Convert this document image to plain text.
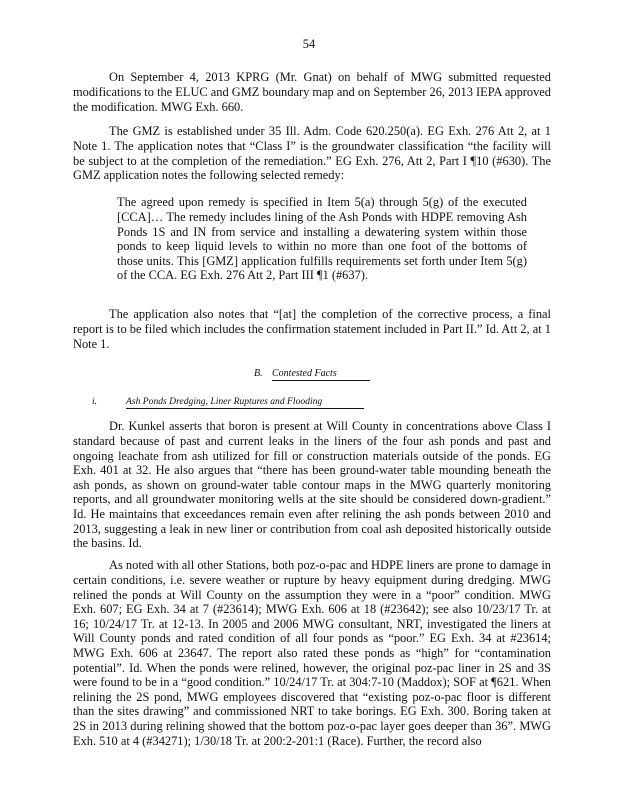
54

On September 4, 2013 KPRG (Mr. Gnat) on behalf of MWG submitted requested modifications to the ELUC and GMZ boundary map and on September 26, 2013 IEPA approved the modification. MWG Exh. 660.

The GMZ is established under 35 Ill. Adm. Code 620.250(a). EG Exh. 276 Att 2, at 1 Note 1. The application notes that “Class I” is the groundwater classification “the facility will be subject to at the completion of the remediation.” EG Exh. 276, Att 2, Part I ¶10 (#630). The GMZ application notes the following selected remedy:

The agreed upon remedy is specified in Item 5(a) through 5(g) of the executed [CCA]… The remedy includes lining of the Ash Ponds with HDPE removing Ash Ponds 1S and IN from service and installing a dewatering system within those ponds to keep liquid levels to within no more than one foot of the bottoms of those units. This [GMZ] application fulfills requirements set forth under Item 5(g) of the CCA. EG Exh. 276 Att 2, Part III ¶1 (#637).

The application also notes that “[at] the completion of the corrective process, a final report is to be filed which includes the confirmation statement included in Part II.” Id. Att 2, at 1 Note 1.

B. Contested Facts
i.	Ash Ponds Dredging, Liner Ruptures and Flooding

Dr. Kunkel asserts that boron is present at Will County in concentrations above Class I standard because of past and current leaks in the liners of the four ash ponds and past and ongoing leachate from ash utilized for fill or construction materials outside of the ponds. EG Exh. 401 at 32. He also argues that “there has been ground-water table mounding beneath the ash ponds, as shown on ground-water table contour maps in the MWG quarterly monitoring reports, and all groundwater monitoring wells at the site should be considered down-gradient.” Id. He maintains that exceedances remain even after relining the ash ponds between 2010 and 2013, suggesting a leak in new liner or contribution from coal ash deposited historically outside the basins. Id.

As noted with all other Stations, both poz-o-pac and HDPE liners are prone to damage in certain conditions, i.e. severe weather or rupture by heavy equipment during dredging. MWG relined the ponds at Will County on the assumption they were in a “poor” condition. MWG Exh. 607; EG Exh. 34 at 7 (#23614); MWG Exh. 606 at 18 (#23642); see also 10/23/17 Tr. at 16; 10/24/17 Tr. at 12-13. In 2005 and 2006 MWG consultant, NRT, investigated the liners at Will County ponds and rated condition of all four ponds as “poor.” EG Exh. 34 at #23614; MWG Exh. 606 at 23647. The report also rated these ponds as “high” for “contamination potential”. Id. When the ponds were relined, however, the original poz-pac liner in 2S and 3S were found to be in a “good condition.” 10/24/17 Tr. at 304:7-10 (Maddox); SOF at ¶621. When relining the 2S pond, MWG employees discovered that “existing poz-o-pac floor is different than the sites drawing” and commissioned NRT to take borings. EG Exh. 300. Boring taken at 2S in 2013 during relining showed that the bottom poz-o-pac layer goes deeper than 36”. MWG Exh. 510 at 4 (#34271); 1/30/18 Tr. at 200:2-201:1 (Race). Further, the record also
